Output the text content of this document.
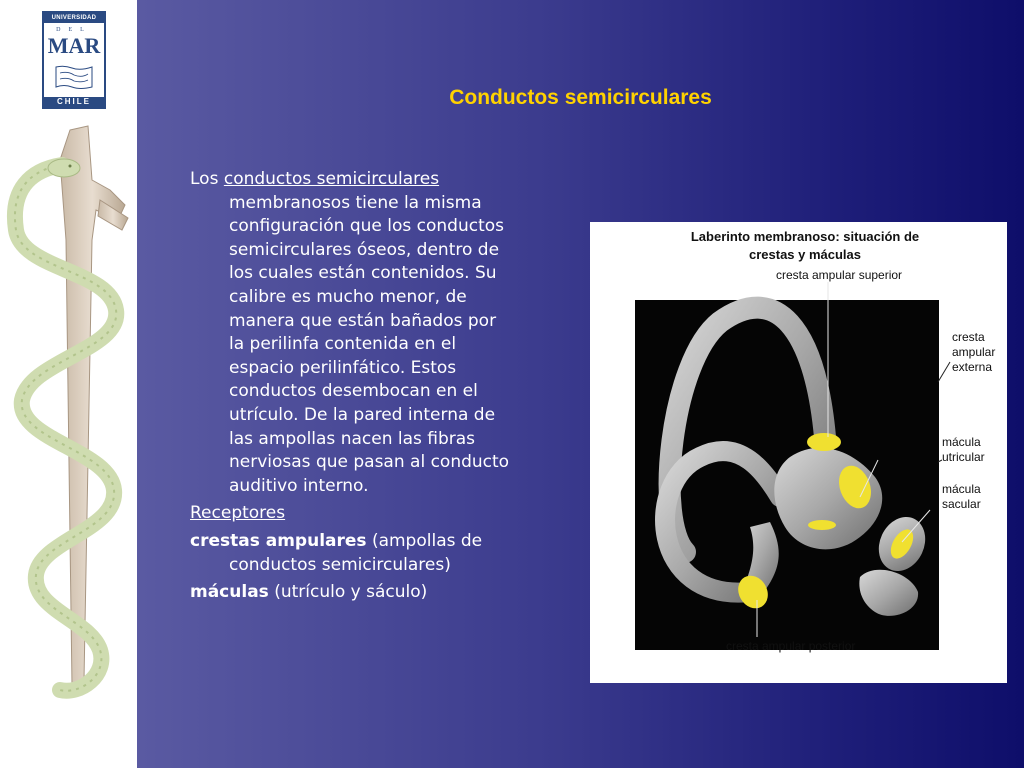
UNIVERSIDAD
DEL
MAR
CHILE	Conductos semicirculares

Los conductos semicirculares membranosos tiene la misma configuración que los conductos semicirculares óseos, dentro de los cuales están contenidos. Su calibre es mucho menor, de manera que están bañados por la perilinfa contenida en el espacio perilinfático. Estos conductos desembocan en el utrículo. De la pared interna de las ampollas nacen las fibras nerviosas que pasan al conducto auditivo interno.

Receptores

crestas ampulares (ampollas de conductos semicirculares)

máculas (utrículo y sáculo)

Laberinto membranoso: situación de
crestas y máculas
cresta ampular superior
cresta
ampular
externa
mácula
utricular
mácula
sacular
cresta ampular posterior
